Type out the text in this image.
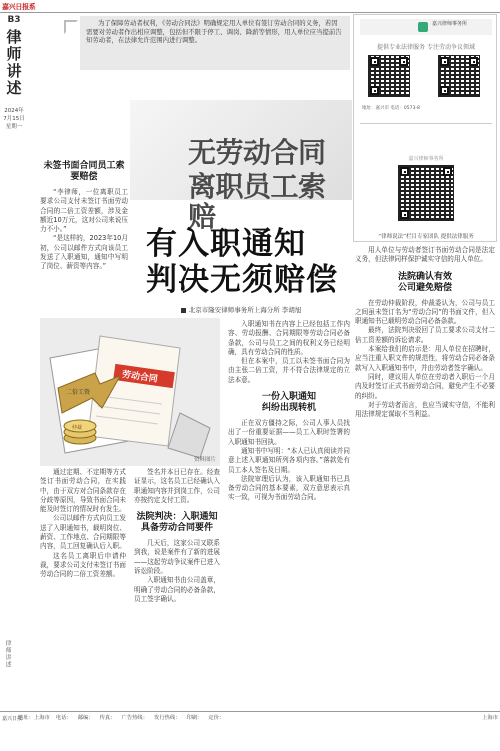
嘉兴日报系
B3
律师
讲述
2024年
7月15日
星期一

为了保障劳动者权利，《劳动合同法》明确规定用人单位有签订劳动合同的义务，若因需要对劳动者作出相应调整，包括但不限于停工、调岗、降薪等情形，用人单位应当提前告知劳动者，在法律允许范围内进行调整。

嘉兴律师事务所
提供专业法律服务 专注劳动争议领域
地址：嘉兴市 电话：0573-8
嘉兴律师事务所
“律师说法”栏目专家团队 提供法律服务
无劳动合同
离职员工索赔
有入职通知
判决无须赔偿
北京市隆安律师事务所上海分所 李胡旭
未签书面合同员工索要赔偿

“李律师，一位离职员工要求公司支付未签订书面劳动合同的二倍工资差额，涉及金额近10万元，这对公司来说压力不小。”

“是这样的，2023年10月初，公司以邮件方式向该员工发送了入职通知，通知中写明了岗位、薪资等内容。”

劳动合同
二倍工资
仲裁
资料图片

通过定期、不定期等方式签订书面劳动合同，在实践中，由于双方对合同条款存在分歧等原因，导致书面合同未能及时签订的情况时有发生。

公司以邮件方式向员工发送了入职通知书，载明岗位、薪资、工作地点、合同期限等内容，员工回复确认后入职。

这名员工离职后申请仲裁，要求公司支付未签订书面劳动合同的二倍工资差额。

签名并本日已存在。经查证显示，这名员工已经确认入职通知内容并到岗工作，公司亦按约定支付工资。

法院判决：入职通知具备劳动合同要件

几天后，这家公司又联系到我，说是案件有了新的进展——这起劳动争议案件已进入诉讼阶段。

入职通知书由公司盖章，明确了劳动合同的必备条款，员工签字确认。

入职通知书在内容上已经包括工作内容、劳动报酬、合同期限等劳动合同必备条款，公司与员工之间的权利义务已经明确，具有劳动合同的性质。

但在本案中，员工以未签书面合同为由主张二倍工资，并不符合法律规定的立法本意。

一份入职通知
纠纷出现转机

正在双方僵持之际，公司人事人员找出了一份重要证据——员工入职时签署的入职通知书回执。

通知书中写明：“本人已认真阅读并同意上述入职通知所列各项内容。”落款处有员工本人签名及日期。

法院审理后认为，该入职通知书已具备劳动合同的基本要素，双方意思表示真实一致，可视为书面劳动合同。

用人单位与劳动者签订书面劳动合同是法定义务，但法律同样保护诚实守信的用人单位。

法院确认有效
公司避免赔偿

在劳动仲裁阶段，仲裁委认为，公司与员工之间虽未签订名为“劳动合同”的书面文件，但入职通知书已载明劳动合同必备条款。

最终，法院判决驳回了员工要求公司支付二倍工资差额的诉讼请求。

本案给我们的启示是：用人单位在招聘时，应当注重入职文件的规范性，将劳动合同必备条款写入入职通知书中，并由劳动者签字确认。

同时，建议用人单位在劳动者入职后一个月内及时签订正式书面劳动合同，避免产生不必要的纠纷。

对于劳动者而言，也应当诚实守信，不能利用法律规定谋取不当利益。

律师讲述
嘉兴日报
地址：上海市 电话： 邮编： 传真： 广告热线： 发行热线： 印刷： 定价：	上海市
